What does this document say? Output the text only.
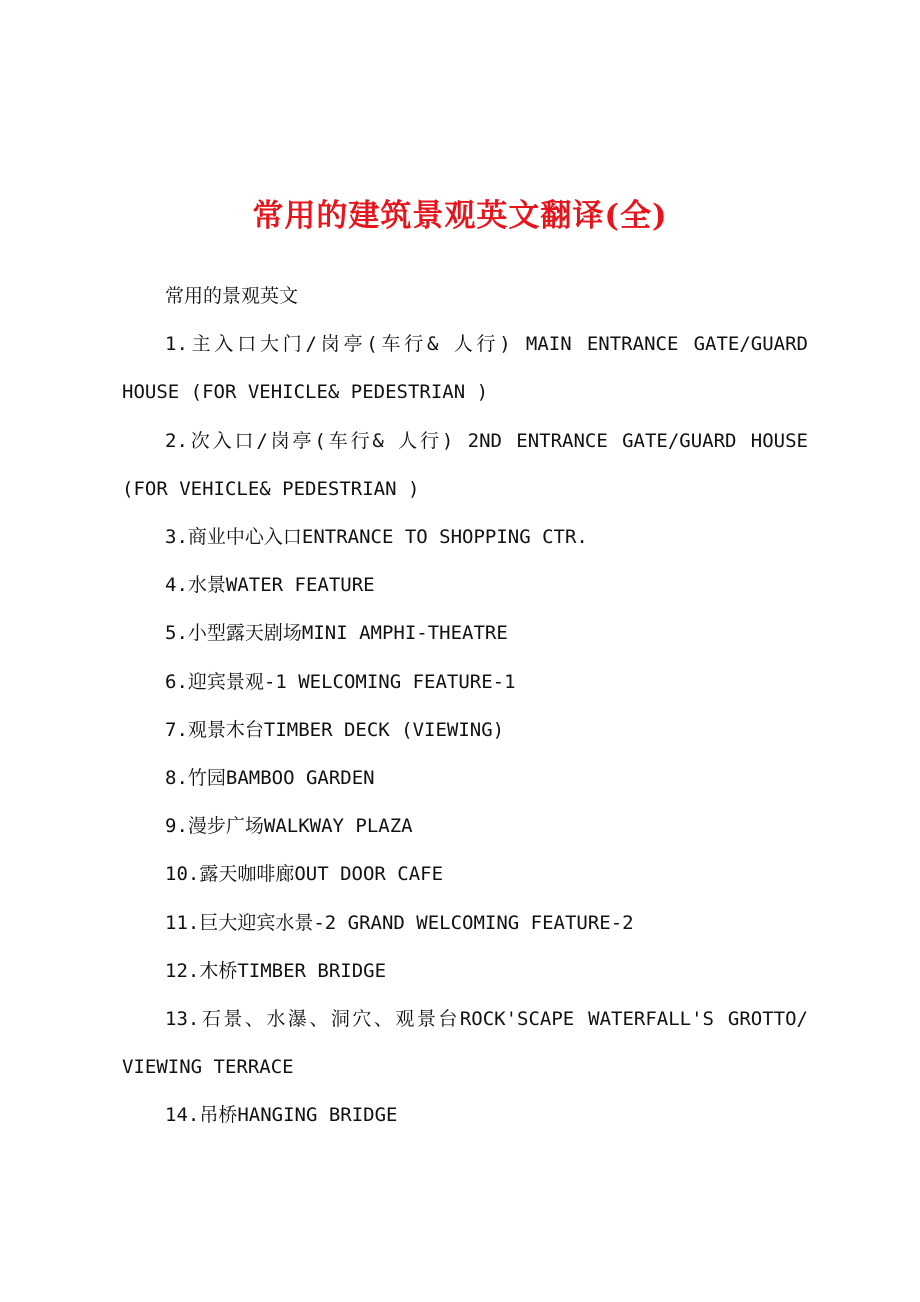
常用的建筑景观英文翻译(全)

常用的景观英文

1.主入口大门/岗亭(车行& 人行) MAIN ENTRANCE GATE/GUARD HOUSE (FOR VEHICLE& PEDESTRIAN )

2.次入口/岗亭(车行& 人行) 2ND ENTRANCE GATE/GUARD HOUSE (FOR VEHICLE& PEDESTRIAN )

3.商业中心入口ENTRANCE TO SHOPPING CTR.

4.水景WATER FEATURE

5.小型露天剧场MINI AMPHI-THEATRE

6.迎宾景观-1 WELCOMING FEATURE-1

7.观景木台TIMBER DECK (VIEWING)

8.竹园BAMBOO GARDEN

9.漫步广场WALKWAY PLAZA

10.露天咖啡廊OUT DOOR CAFE

11.巨大迎宾水景-2 GRAND WELCOMING FEATURE-2

12.木桥TIMBER BRIDGE

13.石景、水瀑、洞穴、观景台ROCK'SCAPE WATERFALL'S GROTTO/ VIEWING TERRACE

14.吊桥HANGING BRIDGE
